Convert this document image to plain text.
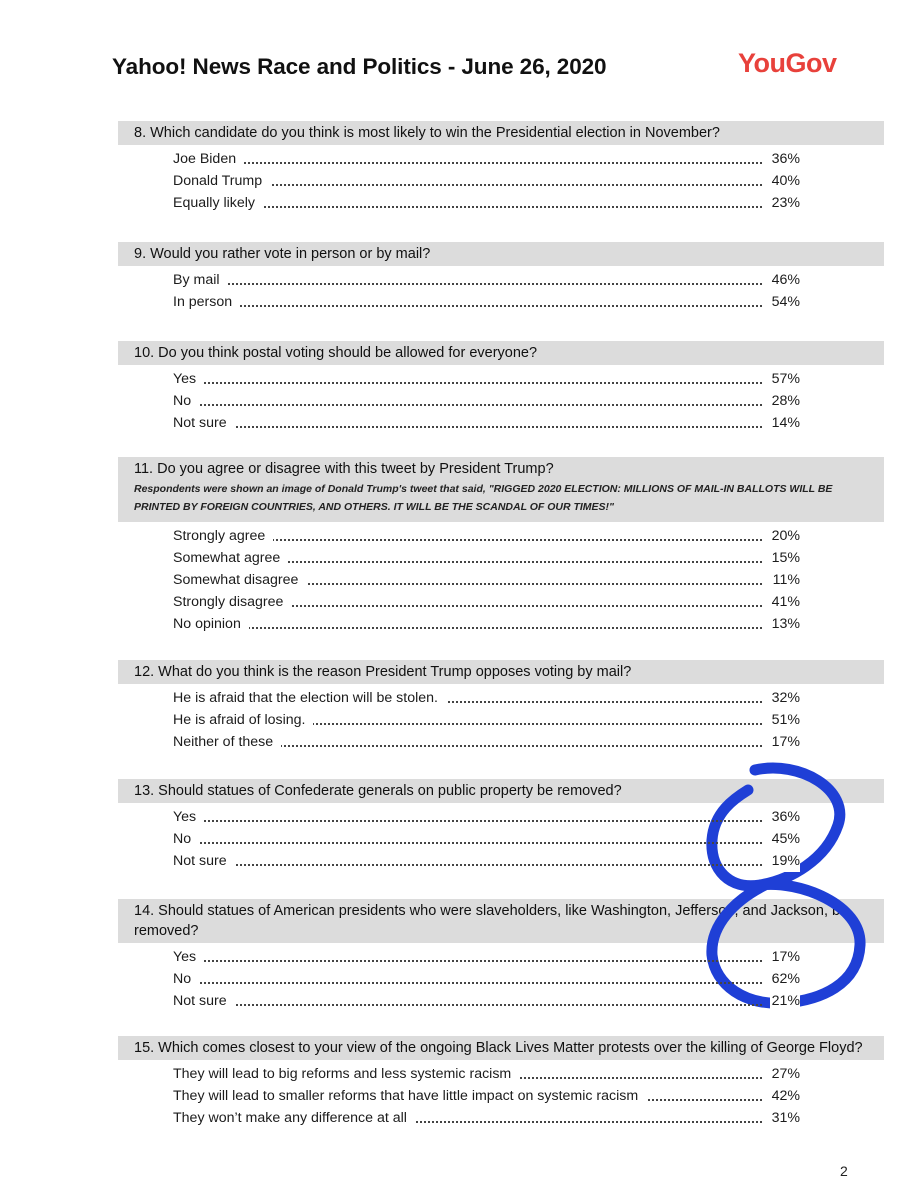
Yahoo! News Race and Politics - June 26, 2020	YouGov
8. Which candidate do you think is most likely to win the Presidential election in November?
Joe Biden	36%
Donald Trump	40%
Equally likely	23%
9. Would you rather vote in person or by mail?
By mail	46%
In person	54%
10. Do you think postal voting should be allowed for everyone?
Yes	57%
No	28%
Not sure	14%
11. Do you agree or disagree with this tweet by President Trump?
Respondents were shown an image of Donald Trump's tweet that said, "RIGGED 2020 ELECTION: MILLIONS OF MAIL-IN BALLOTS WILL BE PRINTED BY FOREIGN COUNTRIES, AND OTHERS. IT WILL BE THE SCANDAL OF OUR TIMES!"
Strongly agree	20%
Somewhat agree	15%
Somewhat disagree	11%
Strongly disagree	41%
No opinion	13%
12. What do you think is the reason President Trump opposes voting by mail?
He is afraid that the election will be stolen.	32%
He is afraid of losing.	51%
Neither of these	17%
13. Should statues of Confederate generals on public property be removed?
Yes	36%
No	45%
Not sure	19%
14. Should statues of American presidents who were slaveholders, like Washington, Jefferson, and Jackson, be removed?
Yes	17%
No	62%
Not sure	21%
15. Which comes closest to your view of the ongoing Black Lives Matter protests over the killing of George Floyd?
They will lead to big reforms and less systemic racism	27%
They will lead to smaller reforms that have little impact on systemic racism	42%
They won’t make any difference at all	31%
2
